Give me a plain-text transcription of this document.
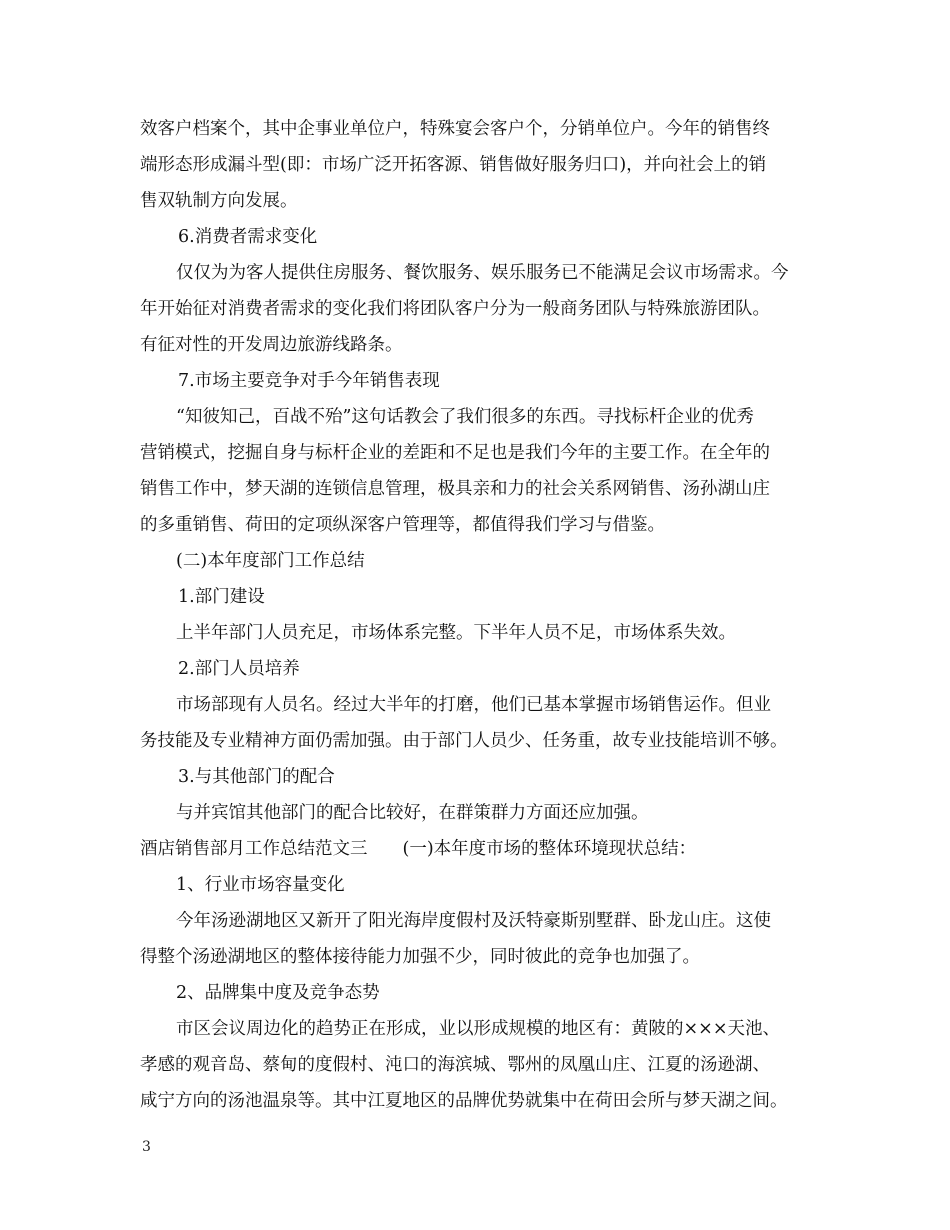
效客户档案个，其中企事业单位户，特殊宴会客户个，分销单位户。今年的销售终
端形态形成漏斗型(即：市场广泛开拓客源、销售做好服务归口)，并向社会上的销
售双轨制方向发展。
6.消费者需求变化
仅仅为为客人提供住房服务、餐饮服务、娱乐服务已不能满足会议市场需求。今
年开始征对消费者需求的变化我们将团队客户分为一般商务团队与特殊旅游团队。
有征对性的开发周边旅游线路条。
7.市场主要竞争对手今年销售表现
“知彼知己，百战不殆”这句话教会了我们很多的东西。寻找标杆企业的优秀
营销模式，挖掘自身与标杆企业的差距和不足也是我们今年的主要工作。在全年的
销售工作中，梦天湖的连锁信息管理，极具亲和力的社会关系网销售、汤孙湖山庄
的多重销售、荷田的定项纵深客户管理等，都值得我们学习与借鉴。
(二)本年度部门工作总结
1.部门建设
上半年部门人员充足，市场体系完整。下半年人员不足，市场体系失效。
2.部门人员培养
市场部现有人员名。经过大半年的打磨，他们已基本掌握市场销售运作。但业
务技能及专业精神方面仍需加强。由于部门人员少、任务重，故专业技能培训不够。
3.与其他部门的配合
与并宾馆其他部门的配合比较好，在群策群力方面还应加强。
酒店销售部月工作总结范文三　　(一)本年度市场的整体环境现状总结：
1、行业市场容量变化
今年汤逊湖地区又新开了阳光海岸度假村及沃特豪斯别墅群、卧龙山庄。这使
得整个汤逊湖地区的整体接待能力加强不少，同时彼此的竞争也加强了。
2、品牌集中度及竞争态势
市区会议周边化的趋势正在形成，业以形成规模的地区有：黄陂的×××天池、
孝感的观音岛、蔡甸的度假村、沌口的海滨城、鄂州的凤凰山庄、江夏的汤逊湖、
咸宁方向的汤池温泉等。其中江夏地区的品牌优势就集中在荷田会所与梦天湖之间。
3
